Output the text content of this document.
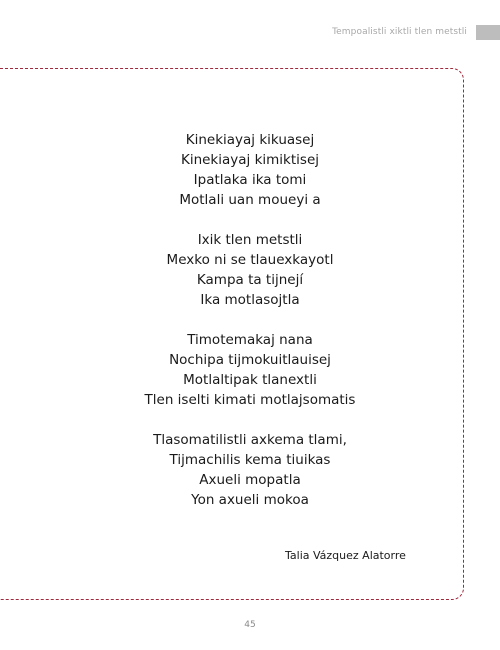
Tempoalistli xiktli tlen metstli
Kinekiayaj kikuasej
Kinekiayaj kimiktisej
Ipatlaka ika tomi
Motlali uan moueyi a
Ixik tlen metstli
Mexko ni se tlauexkayotl
Kampa ta tijnejí
Ika motlasojtla
Timotemakaj nana
Nochipa tijmokuitlauisej
Motlaltipak tlanextli
Tlen iselti kimati motlajsomatis
Tlasomatilistli axkema tlami,
Tijmachilis kema tiuikas
Axueli mopatla
Yon axueli mokoa
Talia Vázquez Alatorre
45
